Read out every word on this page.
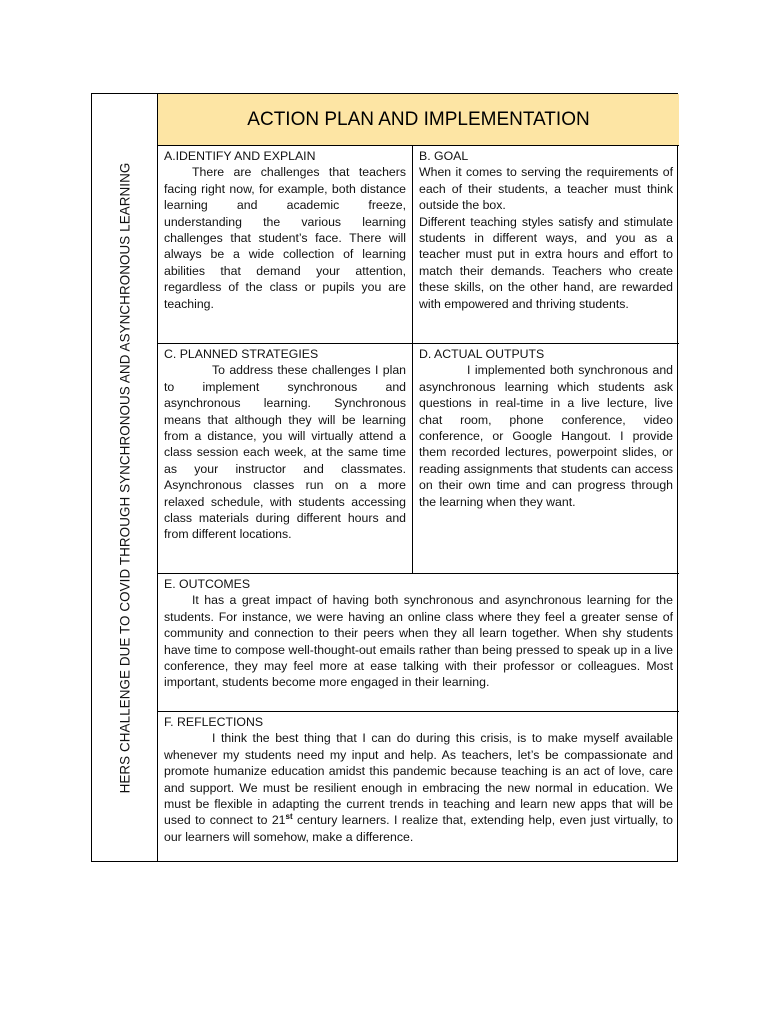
HERS CHALLENGE DUE TO COVID THROUGH SYNCHRONOUS AND ASYNCHRONOUS LEARNING
ACTION PLAN AND IMPLEMENTATION
A.IDENTIFY AND EXPLAIN

There are challenges that teachers facing right now, for example, both distance learning and academic freeze, understanding the various learning challenges that student’s face. There will always be a wide collection of learning abilities that demand your attention, regardless of the class or pupils you are teaching.

B. GOAL

When it comes to serving the requirements of each of their students, a teacher must think outside the box.

Different teaching styles satisfy and stimulate students in different ways, and you as a teacher must put in extra hours and effort to match their demands. Teachers who create these skills, on the other hand, are rewarded with empowered and thriving students.

C. PLANNED STRATEGIES

To address these challenges I plan to implement synchronous and asynchronous learning. Synchronous means that although they will be learning from a distance, you will virtually attend a class session each week, at the same time as your instructor and classmates. Asynchronous classes run on a more relaxed schedule, with students accessing class materials during different hours and from different locations.

D. ACTUAL OUTPUTS

I implemented both synchronous and asynchronous learning which students ask questions in real-time in a live lecture, live chat room, phone conference, video conference, or Google Hangout. I provide them recorded lectures, powerpoint slides, or reading assignments that students can access on their own time and can progress through the learning when they want.

E. OUTCOMES

It has a great impact of having both synchronous and asynchronous learning for the students. For instance, we were having an online class where they feel a greater sense of community and connection to their peers when they all learn together. When shy students have time to compose well-thought-out emails rather than being pressed to speak up in a live conference, they may feel more at ease talking with their professor or colleagues. Most important, students become more engaged in their learning.

F. REFLECTIONS

I think the best thing that I can do during this crisis, is to make myself available whenever my students need my input and help. As teachers, let’s be compassionate and promote humanize education amidst this pandemic because teaching is an act of love, care and support. We must be resilient enough in embracing the new normal in education. We must be flexible in adapting the current trends in teaching and learn new apps that will be used to connect to 21st century learners. I realize that, extending help, even just virtually, to our learners will somehow, make a difference.
